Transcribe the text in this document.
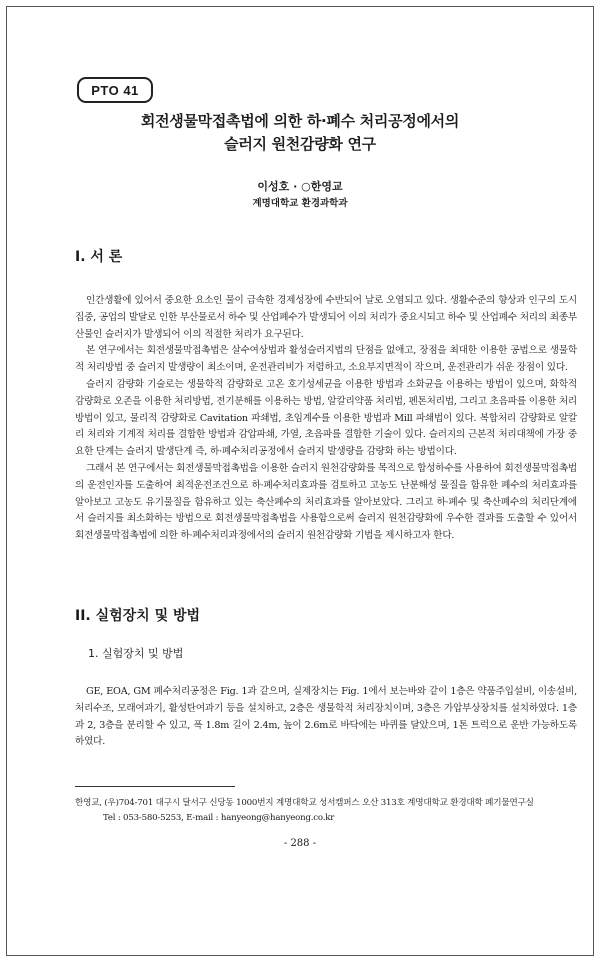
PTO 41
회전생물막접촉법에 의한 하·폐수 처리공정에서의
슬러지 원천감량화 연구
이성호 · ○한영교
계명대학교 환경과학과
I. 서 론

인간생활에 있어서 중요한 요소인 물이 급속한 경제성장에 수반되어 날로 오염되고 있다. 생활수준의 향상과 인구의 도시집중, 공업의 발달로 인한 부산물로서 하수 및 산업폐수가 발생되어 이의 처리가 중요시되고 하수 및 산업폐수 처리의 최종부산물인 슬러지가 발생되어 이의 적절한 처리가 요구된다.

본 연구에서는 회전생물막접촉법은 살수여상법과 활성슬러지법의 단점을 없애고, 장점을 최대한 이용한 공법으로 생물학적 처리방법 중 슬러지 발생량이 최소이며, 운전관리비가 저렴하고, 소요부지면적이 작으며, 운전관리가 쉬운 장점이 있다.

슬러지 감량화 기술로는 생물학적 감량화로 고온 호기성세균을 이용한 방법과 소화균을 이용하는 방법이 있으며, 화학적 감량화로 오존을 이용한 처리방법, 전기분해를 이용하는 방법, 알칼리약품 처리법, 펜톤처리법, 그리고 초음파를 이용한 처리방법이 있고, 물리적 감량화로 Cavitation 파쇄법, 초임계수를 이용한 방법과 Mill 파쇄법이 있다. 복합처리 감량화로 알칼리 처리와 기계적 처리를 결합한 방법과 감압파쇄, 가열, 초음파를 결합한 기술이 있다. 슬러지의 근본적 처리대책에 가장 중요한 단계는 슬러지 발생단계 즉, 하·폐수처리공정에서 슬러지 발생량을 감량화 하는 방법이다.

그래서 본 연구에서는 회전생물막접촉법을 이용한 슬러지 원천감량화를 목적으로 합성하수를 사용하여 회전생물막접촉법의 운전인자를 도출하여 최적운전조건으로 하·폐수처리효과를 검토하고 고농도 난분해성 물질을 함유한 폐수의 처리효과를 알아보고 고농도 유기물질을 함유하고 있는 축산폐수의 처리효과를 알아보았다. 그리고 하·폐수 및 축산폐수의 처리단계에서 슬러지를 최소화하는 방법으로 회전생물막접촉법을 사용함으로써 슬러지 원천감량화에 우수한 결과를 도출할 수 있어서 회전생물막접촉법에 의한 하·폐수처리과정에서의 슬러지 원천감량화 기법을 제시하고자 한다.

II. 실험장치 및 방법
1. 실험장치 및 방법

GE, EOA, GM 폐수처리공정은 Fig. 1과 같으며, 실제장치는 Fig. 1에서 보는바와 같이 1층은 약품주입설비, 이송설비, 처리수조, 모래여과기, 활성탄여과기 등을 설치하고, 2층은 생물학적 처리장치이며, 3층은 가압부상장치를 설치하였다. 1층과 2, 3층을 분리할 수 있고, 폭 1.8m 길이 2.4m, 높이 2.6m로 바닥에는 바퀴를 달았으며, 1톤 트럭으로 운반 가능하도록 하였다.

한영교, (우)704-701 대구시 달서구 신당동 1000번지 계명대학교 성서캠퍼스 오산 313호 계명대학교 환경대학 폐기물연구실
Tel : 053-580-5253, E-mail : hanyeong@hanyeong.co.kr
- 288 -
